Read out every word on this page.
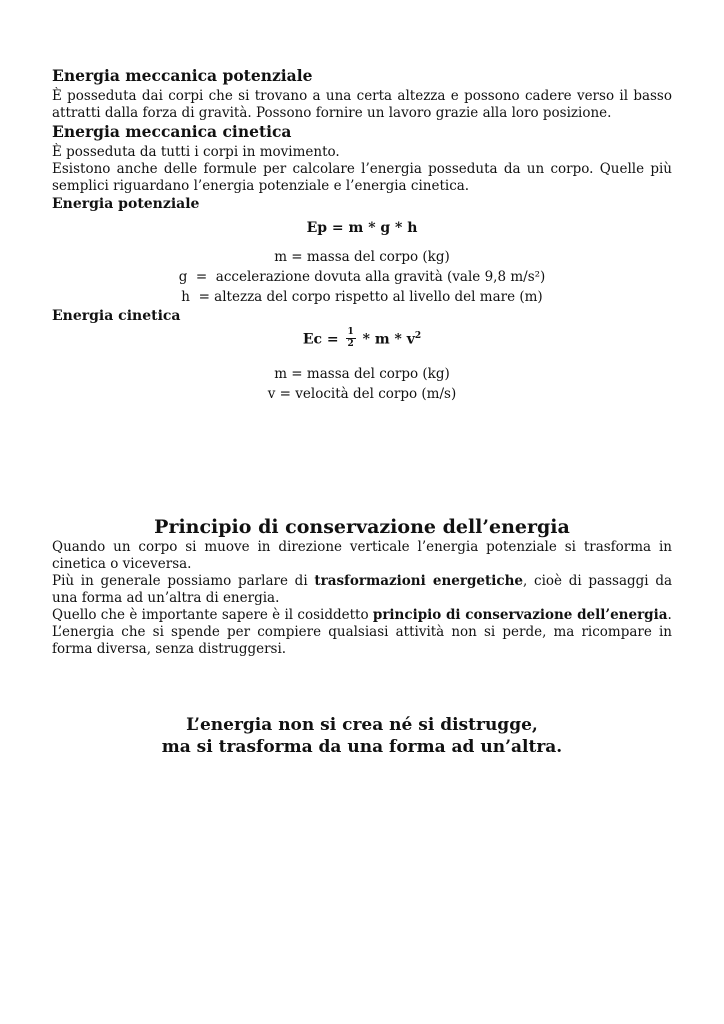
Energia meccanica potenziale

È posseduta dai corpi che si trovano a una certa altezza e possono cadere verso il basso attratti dalla forza di gravità. Possono fornire un lavoro grazie alla loro posizione.

Energia meccanica cinetica

È posseduta da tutti i corpi in movimento.

Esistono anche delle formule per calcolare l’energia posseduta da un corpo. Quelle più semplici riguardano l’energia potenziale e l’energia cinetica.

Energia potenziale
Ep = m * g * h
m = massa del corpo (kg)
g  =  accelerazione dovuta alla gravità (vale 9,8 m/s²)
h  = altezza del corpo rispetto al livello del mare (m)
Energia cinetica
$Ec = \frac{1}{2} * m * v^2$
m = massa del corpo (kg)
v = velocità del corpo (m/s)
Principio di conservazione dell’energia

Quando un corpo si muove in direzione verticale l’energia potenziale si trasforma in cinetica o viceversa.

Più in generale possiamo parlare di trasformazioni energetiche, cioè di passaggi da una forma ad un’altra di energia.

Quello che è importante sapere è il cosiddetto principio di conservazione dell’energia.

L’energia che si spende per compiere qualsiasi attività non si perde, ma ricompare in forma diversa, senza distruggersi.

L’energia non si crea né si distrugge,
ma si trasforma da una forma ad un’altra.
